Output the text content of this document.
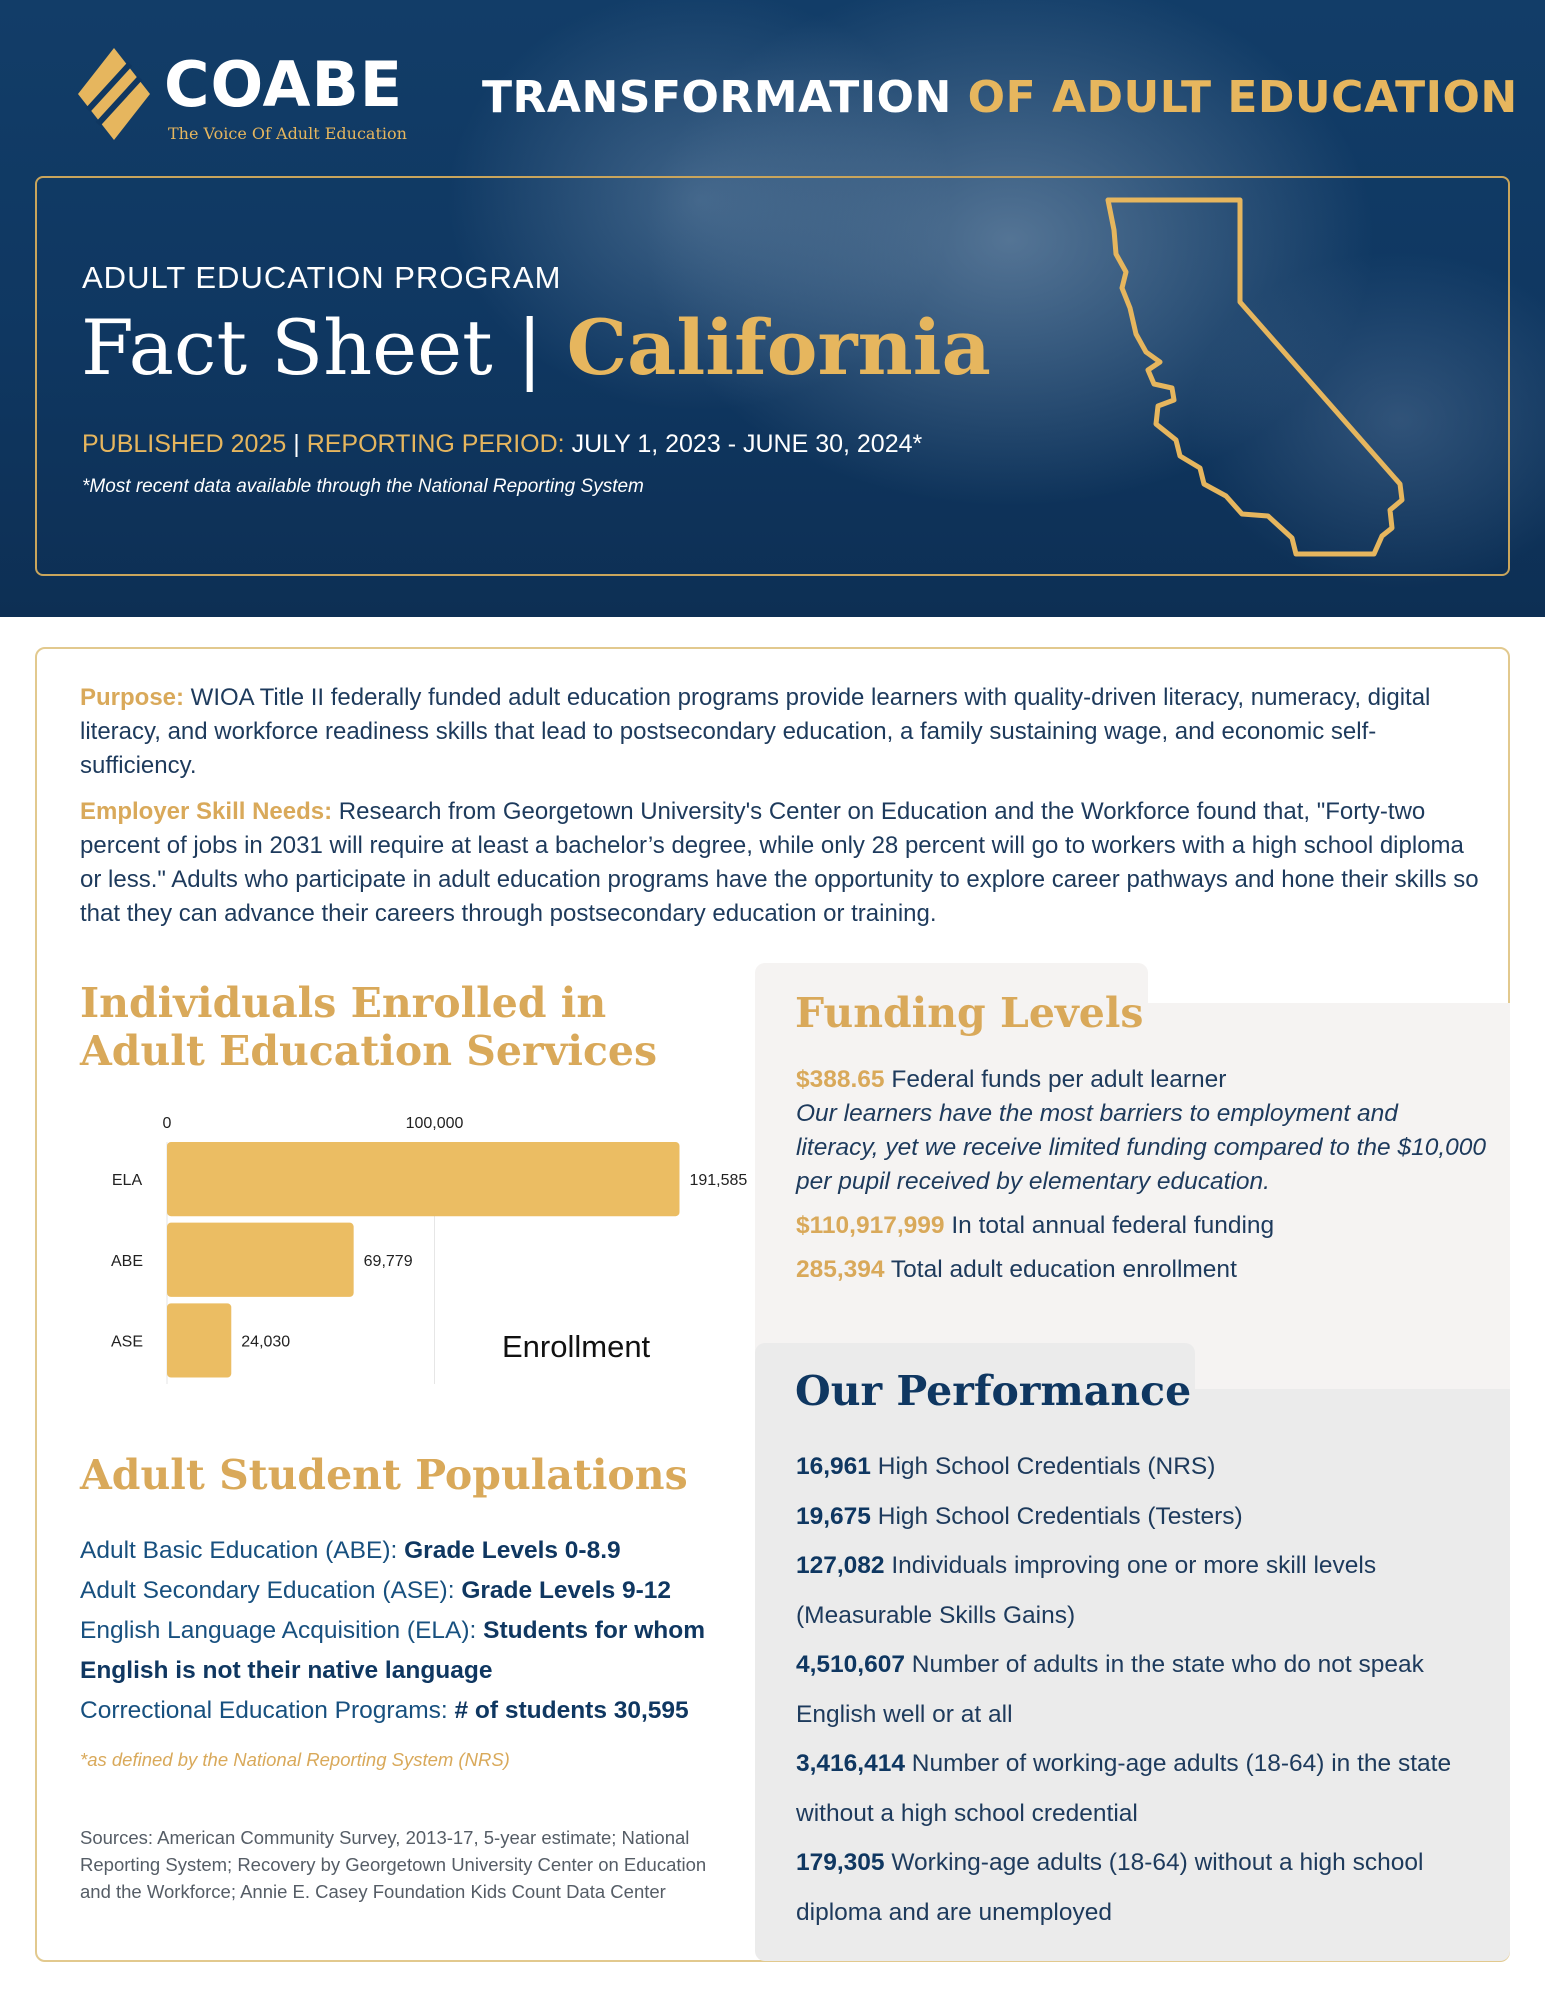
COABE
The Voice Of Adult Education
TRANSFORMATION OF ADULT EDUCATION
ADULT EDUCATION PROGRAM
Fact Sheet | California
PUBLISHED 2025 | REPORTING PERIOD: JULY 1, 2023 - JUNE 30, 2024*
*Most recent data available through the National Reporting System

Purpose: WIOA Title II federally funded adult education programs provide learners with quality-driven literacy, numeracy, digital literacy, and workforce readiness skills that lead to postsecondary education, a family sustaining wage, and economic self-sufficiency.

Employer Skill Needs: Research from Georgetown University's Center on Education and the Workforce found that, "Forty-two percent of jobs in 2031 will require at least a bachelor’s degree, while only 28 percent will go to workers with a high school diploma or less." Adults who participate in adult education programs have the opportunity to explore career pathways and hone their skills so that they can advance their careers through postsecondary education or training.

Individuals Enrolled in Adult Education Services
0	100,000
ELA	191,585
ABE	69,779
ASE	24,030	Enrollment
Adult Student Populations
Adult Basic Education (ABE): Grade Levels 0-8.9
Adult Secondary Education (ASE): Grade Levels 9-12
English Language Acquisition (ELA): Students for whom English is not their native language
Correctional Education Programs: # of students 30,595
*as defined by the National Reporting System (NRS)
Sources: American Community Survey, 2013-17, 5-year estimate; National Reporting System; Recovery by Georgetown University Center on Education and the Workforce; Annie E. Casey Foundation Kids Count Data Center
Funding Levels
$388.65 Federal funds per adult learner
Our learners have the most barriers to employment and literacy, yet we receive limited funding compared to the $10,000 per pupil received by elementary education.
$110,917,999 In total annual federal funding
285,394 Total adult education enrollment
Our Performance
16,961 High School Credentials (NRS)
19,675 High School Credentials (Testers)
127,082 Individuals improving one or more skill levels (Measurable Skills Gains)
4,510,607 Number of adults in the state who do not speak English well or at all
3,416,414 Number of working-age adults (18-64) in the state without a high school credential
179,305 Working-age adults (18-64) without a high school diploma and are unemployed
